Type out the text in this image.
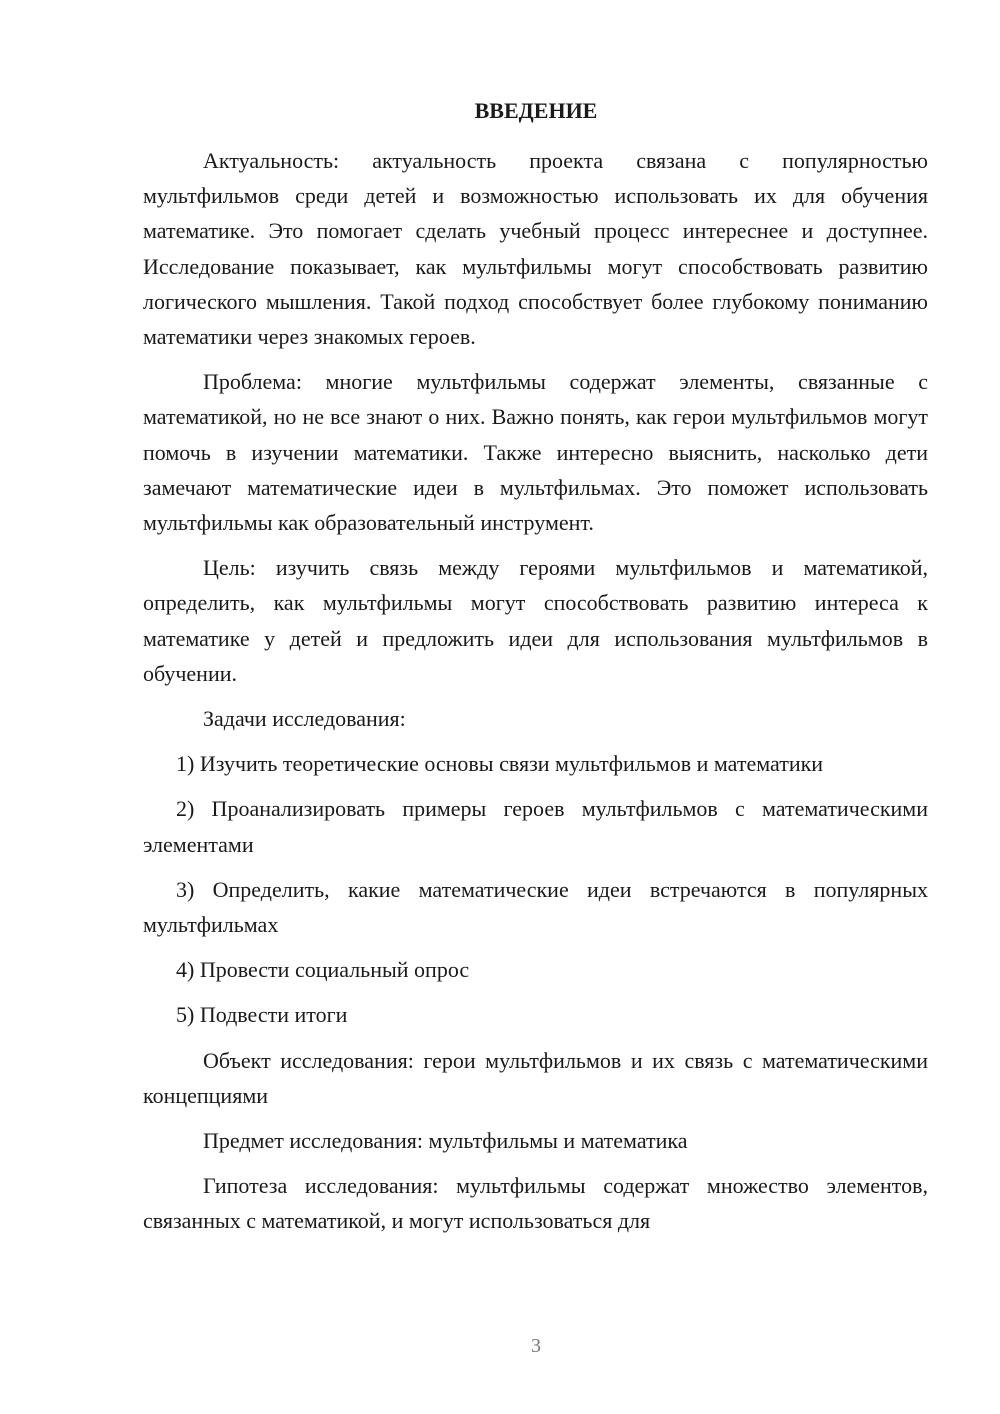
ВВЕДЕНИЕ

Актуальность: актуальность проекта связана с популярностью мультфильмов среди детей и возможностью использовать их для обучения математике. Это помогает сделать учебный процесс интереснее и доступнее. Исследование показывает, как мультфильмы могут способствовать развитию логического мышления. Такой подход способствует более глубокому пониманию математики через знакомых героев.

Проблема: многие мультфильмы содержат элементы, связанные с математикой, но не все знают о них. Важно понять, как герои мультфильмов могут помочь в изучении математики. Также интересно выяснить, насколько дети замечают математические идеи в мультфильмах. Это поможет использовать мультфильмы как образовательный инструмент.

Цель: изучить связь между героями мультфильмов и математикой, определить, как мультфильмы могут способствовать развитию интереса к математике у детей и предложить идеи для использования мультфильмов в обучении.

Задачи исследования:

1) Изучить теоретические основы связи мультфильмов и математики

2) Проанализировать примеры героев мультфильмов с математическими элементами

3) Определить, какие математические идеи встречаются в популярных мультфильмах

4) Провести социальный опрос

5) Подвести итоги

Объект исследования: герои мультфильмов и их связь с математическими концепциями

Предмет исследования: мультфильмы и математика

Гипотеза исследования: мультфильмы содержат множество элементов, связанных с математикой, и могут использоваться для

3
